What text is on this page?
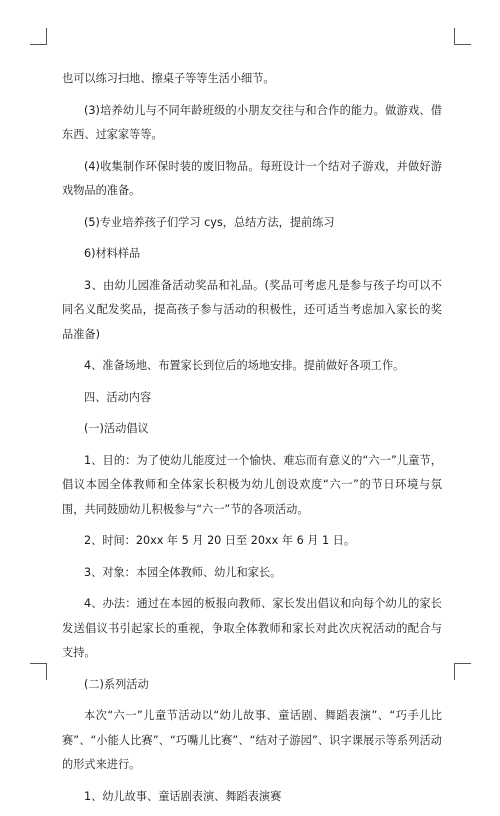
也可以练习扫地、擦桌子等等生活小细节。

(3)培养幼儿与不同年龄班级的小朋友交往与和合作的能力。做游戏、借东西、过家家等等。

(4)收集制作环保时装的废旧物品。每班设计一个结对子游戏，并做好游戏物品的准备。

(5)专业培养孩子们学习 cys，总结方法，提前练习

6)材料样品

3、由幼儿园准备活动奖品和礼品。(奖品可考虑凡是参与孩子均可以不同名义配发奖品，提高孩子参与活动的积极性，还可适当考虑加入家长的奖品准备)

4、准备场地、布置家长到位后的场地安排。提前做好各项工作。

四、活动内容

(一)活动倡议

1、目的：为了使幼儿能度过一个愉快、难忘而有意义的“六一”儿童节，倡议本园全体教师和全体家长积极为幼儿创设欢度“六一”的节日环境与氛围，共同鼓励幼儿积极参与“六一”节的各项活动。

2、时间：20xx 年 5 月 20 日至 20xx 年 6 月 1 日。

3、对象：本园全体教师、幼儿和家长。

4、办法：通过在本园的板报向教师、家长发出倡议和向每个幼儿的家长发送倡议书引起家长的重视，争取全体教师和家长对此次庆祝活动的配合与支持。

(二)系列活动

本次“六一”儿童节活动以“幼儿故事、童话剧、舞蹈表演”、“巧手儿比赛”、“小能人比赛”、“巧嘴儿比赛”、“结对子游园”、识字课展示等系列活动的形式来进行。

1、幼儿故事、童话剧表演、舞蹈表演赛
